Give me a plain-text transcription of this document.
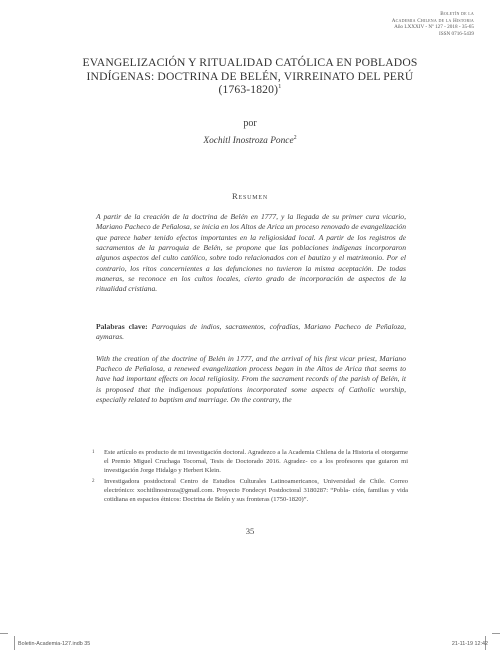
Boletín de la
Academia Chilena de la Historia
Año LXXXIV - Nº 127 - 2018 - 35-65
ISSN 0716-5439
EVANGELIZACIÓN Y RITUALIDAD CATÓLICA EN POBLADOS INDÍGENAS: DOCTRINA DE BELÉN, VIRREINATO DEL PERÚ (1763-1820)$^1$
por
Xochitl Inostroza Ponce$^2$
Resumen
A partir de la creación de la doctrina de Belén en 1777, y la llegada de su primer cura vicario, Mariano Pacheco de Peñalosa, se inicia en los Altos de Arica un proceso renovado de evangelización que parece haber tenido efectos importantes en la religiosidad local. A partir de los registros de sacramentos de la parroquia de Belén, se propone que las poblaciones indígenas incorporaron algunos aspectos del culto católico, sobre todo relacionados con el bautizo y el matrimonio. Por el contrario, los ritos concernientes a las defunciones no tuvieron la misma aceptación. De todas maneras, se reconoce en los cultos locales, cierto grado de incorporación de aspectos de la ritualidad cristiana.
Palabras clave: Parroquias de indios, sacramentos, cofradías, Mariano Pacheco de Peñaloza, aymaras.
With the creation of the doctrine of Belén in 1777, and the arrival of his first vicar priest, Mariano Pacheco de Peñalosa, a renewed evangelization process began in the Altos de Arica that seems to have had important effects on local religiosity. From the sacrament records of the parish of Belén, it is proposed that the indigenous populations incorporated some aspects of Catholic worship, especially related to baptism and marriage. On the contrary, the
1 Este artículo es producto de mi investigación doctoral. Agradezco a la Academia Chilena de la Historia el otorgarme el Premio Miguel Cruchaga Tocornal, Tesis de Doctorado 2016. Agradez- co a los profesores que guiaron mi investigación Jorge Hidalgo y Herbert Klein.
2 Investigadora postdoctoral Centro de Estudios Culturales Latinoamericanos, Universidad de Chile. Correo electrónico: xochitlinostroza@gmail.com. Proyecto Fondecyt Postdoctoral 3180287: “Pobla- ción, familias y vida cotidiana en espacios étnicos: Doctrina de Belén y sus fronteras (1750-1820)”.
35
Boletin-Academia-127.indb 35	21-11-19 12:42
